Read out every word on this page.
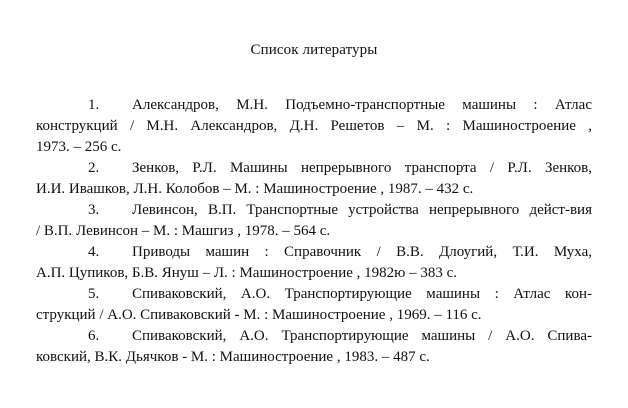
Список литературы
1. Александров, М.Н. Подъемно-транспортные машины : Атлас
конструкций / М.Н. Александров, Д.Н. Решетов – М. : Машиностроение ,
1973. – 256 с.
2. Зенков, Р.Л. Машины непрерывного транспорта / Р.Л. Зенков,
И.И. Ивашков, Л.Н. Колобов – М. : Машиностроение , 1987. – 432 с.
3. Левинсон, В.П. Транспортные устройства непрерывного дейст-вия
/ В.П. Левинсон – М. : Машгиз , 1978. – 564 с.
4. Приводы машин : Справочник / В.В. Длоугий, Т.И. Муха,
А.П. Цупиков, Б.В. Януш – Л. : Машиностроение , 1982ю – 383 с.
5. Спиваковский, А.О. Транспортирующие машины : Атлас кон-
струкций / А.О. Спиваковский - М. : Машиностроение , 1969. – 116 с.
6. Спиваковский, А.О. Транспортирующие машины / А.О. Спива-
ковский, В.К. Дьячков - М. : Машиностроение , 1983. – 487 с.
